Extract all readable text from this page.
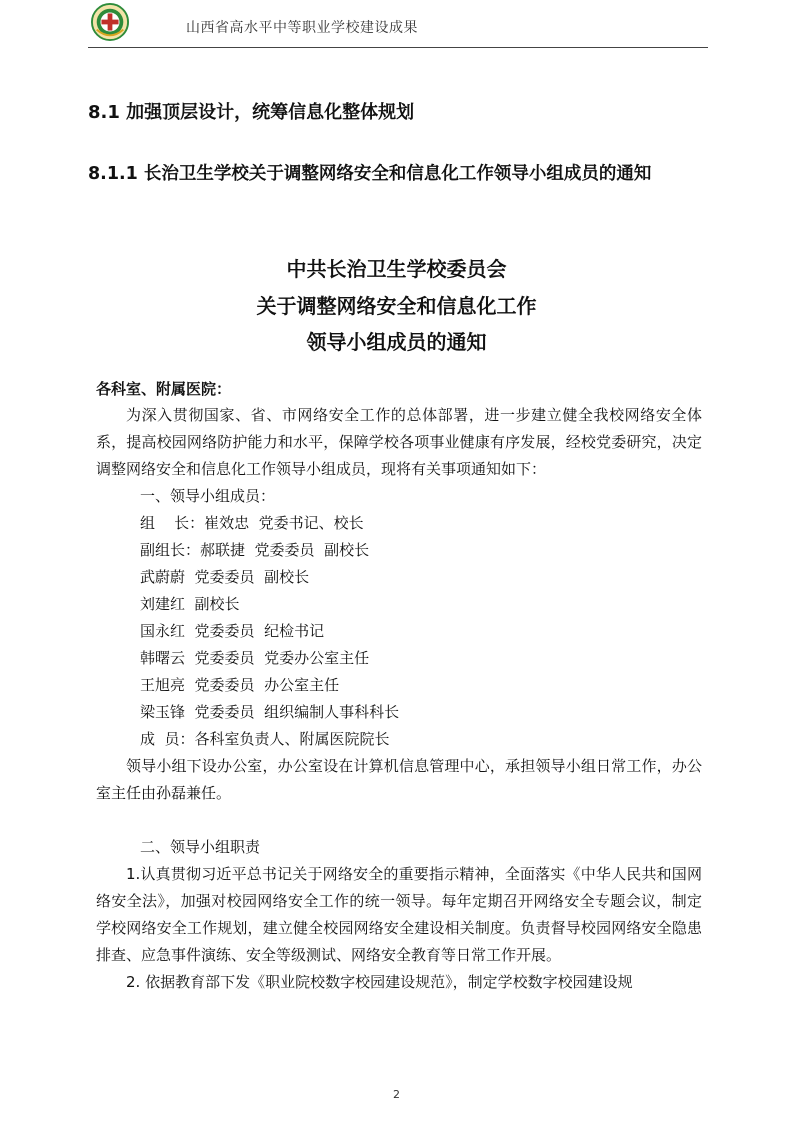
山西省高水平中等职业学校建设成果
8.1 加强顶层设计，统筹信息化整体规划
8.1.1 长治卫生学校关于调整网络安全和信息化工作领导小组成员的通知
中共长治卫生学校委员会
关于调整网络安全和信息化工作
领导小组成员的通知
各科室、附属医院：

为深入贯彻国家、省、市网络安全工作的总体部署，进一步建立健全我校网络安全体系，提高校园网络防护能力和水平，保障学校各项事业健康有序发展，经校党委研究，决定调整网络安全和信息化工作领导小组成员，现将有关事项通知如下：

一、领导小组成员：

组    长：崔效忠  党委书记、校长

副组长：郝联捷  党委委员  副校长

武蔚蔚  党委委员  副校长

刘建红  副校长

国永红  党委委员  纪检书记

韩曙云  党委委员  党委办公室主任

王旭亮  党委委员  办公室主任

梁玉锋  党委委员  组织编制人事科科长

成  员：各科室负责人、附属医院院长

领导小组下设办公室，办公室设在计算机信息管理中心，承担领导小组日常工作，办公室主任由孙磊兼任。

二、领导小组职责

1.认真贯彻习近平总书记关于网络安全的重要指示精神，全面落实《中华人民共和国网络安全法》，加强对校园网络安全工作的统一领导。每年定期召开网络安全专题会议，制定学校网络安全工作规划，建立健全校园网络安全建设相关制度。负责督导校园网络安全隐患排查、应急事件演练、安全等级测试、网络安全教育等日常工作开展。

2. 依据教育部下发《职业院校数字校园建设规范》，制定学校数字校园建设规

2
